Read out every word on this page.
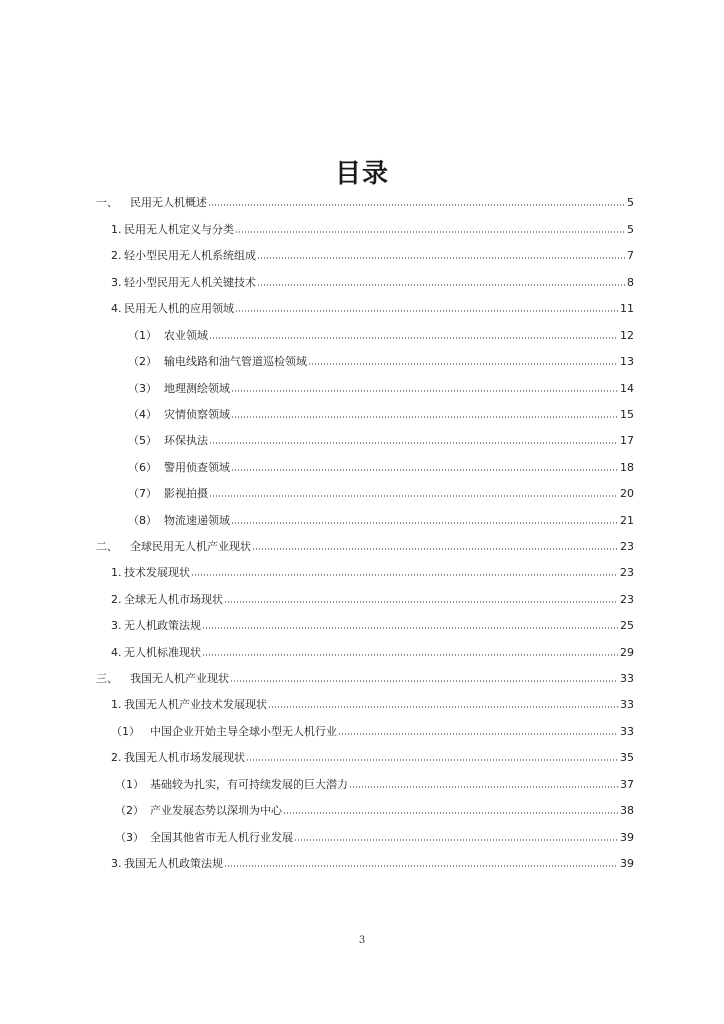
目录
一、	民用无人机概述	5
1. 民用无人机定义与分类	5
2. 轻小型民用无人机系统组成	7
3. 轻小型民用无人机关键技术	8
4. 民用无人机的应用领域	11
（1） 农业领域	12
（2） 输电线路和油气管道巡检领域	13
（3） 地理测绘领域	14
（4） 灾情侦察领域	15
（5） 环保执法	17
（6） 警用侦查领域	18
（7） 影视拍摄	20
（8） 物流速递领域	21
二、	全球民用无人机产业现状	23
1. 技术发展现状	23
2. 全球无人机市场现状	23
3. 无人机政策法规	25
4. 无人机标准现状	29
三、	我国无人机产业现状	33
1. 我国无人机产业技术发展现状	33
（1） 中国企业开始主导全球小型无人机行业	33
2. 我国无人机市场发展现状	35
（1） 基础较为扎实，有可持续发展的巨大潜力	37
（2） 产业发展态势以深圳为中心	38
（3） 全国其他省市无人机行业发展	39
3. 我国无人机政策法规	39
3
